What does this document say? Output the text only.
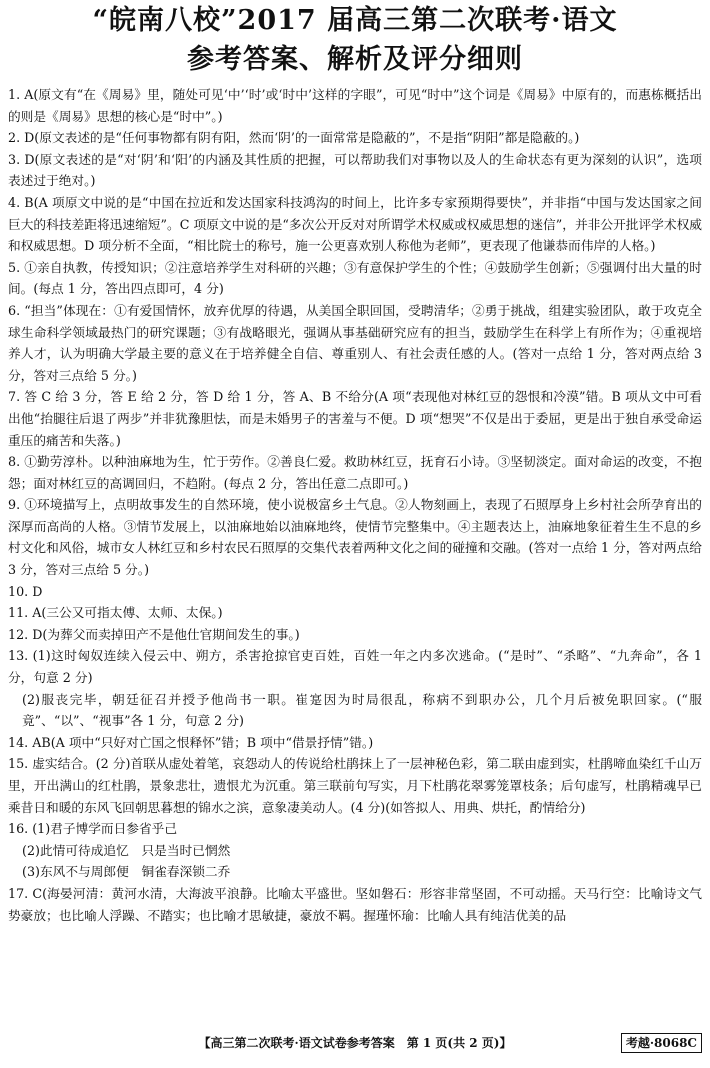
“皖南八校”2017 届高三第二次联考·语文
参考答案、解析及评分细则
1. A(原文有“在《周易》里，随处可见‘中’‘时’或‘时中’这样的字眼”，可见“时中”这个词是《周易》中原有的，而惠栋概括出的则是《周易》思想的核心是“时中”。)
2. D(原文表述的是“任何事物都有阴有阳，然而‘阴’的一面常常是隐蔽的”，不是指“阴阳”都是隐蔽的。)
3. D(原文表述的是“对‘阴’和‘阳’的内涵及其性质的把握，可以帮助我们对事物以及人的生命状态有更为深刻的认识”，选项表述过于绝对。)
4. B(A 项原文中说的是“中国在拉近和发达国家科技鸿沟的时间上，比许多专家预期得要快”，并非指“中国与发达国家之间巨大的科技差距将迅速缩短”。C 项原文中说的是“多次公开反对对所谓学术权威或权威思想的迷信”，并非公开批评学术权威和权威思想。D 项分析不全面，“相比院士的称号，施一公更喜欢别人称他为老师”，更表现了他谦恭而伟岸的人格。)
5. ①亲自执教，传授知识；②注意培养学生对科研的兴趣；③有意保护学生的个性；④鼓励学生创新；⑤强调付出大量的时间。(每点 1 分，答出四点即可，4 分)
6. “担当”体现在：①有爱国情怀，放弃优厚的待遇，从美国全职回国，受聘清华；②勇于挑战，组建实验团队，敢于攻克全球生命科学领域最热门的研究课题；③有战略眼光，强调从事基础研究应有的担当，鼓励学生在科学上有所作为；④重视培养人才，认为明确大学最主要的意义在于培养健全自信、尊重别人、有社会责任感的人。(答对一点给 1 分，答对两点给 3 分，答对三点给 5 分。)
7. 答 C 给 3 分，答 E 给 2 分，答 D 给 1 分，答 A、B 不给分(A 项“表现他对林红豆的怨恨和冷漠”错。B 项从文中可看出他“抬腿往后退了两步”并非犹豫胆怯，而是未婚男子的害羞与不便。D 项“想哭”不仅是出于委屈，更是出于独自承受命运重压的痛苦和失落。)
8. ①勤劳淳朴。以种油麻地为生，忙于劳作。②善良仁爱。救助林红豆，抚育石小诗。③坚韧淡定。面对命运的改变，不抱怨；面对林红豆的高调回归，不趋附。(每点 2 分，答出任意二点即可。)
9. ①环境描写上，点明故事发生的自然环境，使小说极富乡土气息。②人物刻画上，表现了石照厚身上乡村社会所孕育出的深厚而高尚的人格。③情节发展上，以油麻地始以油麻地终，使情节完整集中。④主题表达上，油麻地象征着生生不息的乡村文化和风俗，城市女人林红豆和乡村农民石照厚的交集代表着两种文化之间的碰撞和交融。(答对一点给 1 分，答对两点给 3 分，答对三点给 5 分。)
10. D
11. A(三公又可指太傅、太师、太保。)
12. D(为葬父而卖掉田产不是他仕官期间发生的事。)
13. (1)这时匈奴连续入侵云中、朔方，杀害抢掠官吏百姓，百姓一年之内多次逃命。(“是时”、“杀略”、“九奔命”，各 1 分，句意 2 分)
(2)服丧完毕，朝廷征召并授予他尚书一职。崔寔因为时局很乱，称病不到职办公，几个月后被免职回家。(“服竟”、“以”、“视事”各 1 分，句意 2 分)
14. AB(A 项中“只好对亡国之恨释怀”错；B 项中“借景抒情”错。)
15. 虚实结合。(2 分)首联从虚处着笔，哀怨动人的传说给杜鹃抹上了一层神秘色彩，第二联由虚到实，杜鹃啼血染红千山万里，开出满山的红杜鹃，景象悲壮，遗恨尤为沉重。第三联前句写实，月下杜鹃花翠雾笼罩枝条；后句虚写，杜鹃精魂早已乘昔日和暖的东风飞回朝思暮想的锦水之滨，意象凄美动人。(4 分)(如答拟人、用典、烘托，酌情给分)
16. (1)君子博学而日参省乎己
(2)此情可待成追忆　只是当时已惘然
(3)东风不与周郎便　铜雀春深锁二乔
17. C(海晏河清：黄河水清，大海波平浪静。比喻太平盛世。坚如磐石：形容非常坚固，不可动摇。天马行空：比喻诗文气势豪放；也比喻人浮躁、不踏实；也比喻才思敏捷，豪放不羁。握瑾怀瑜：比喻人具有纯洁优美的品
【高三第二次联考·语文试卷参考答案　第 1 页(共 2 页)】	考越·8068C
